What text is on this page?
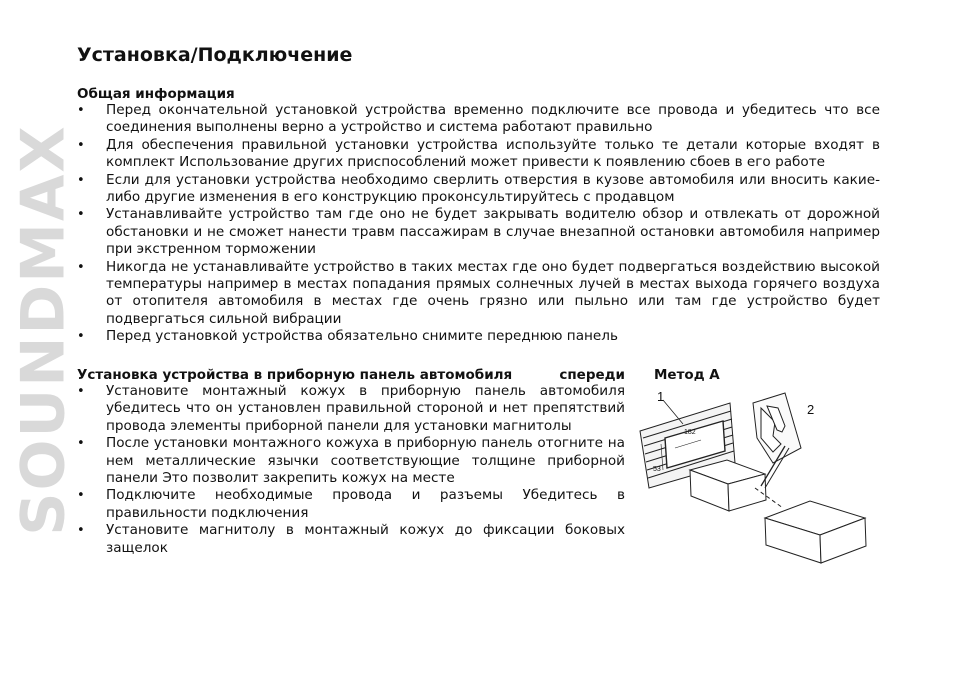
SOUNDMAX
Установка/Подключение

Общая информация

• Перед окончательной установкой устройства временно подключите все провода и убедитесь что все соединения выполнены верно а устройство и система работают правильно
• Для обеспечения правильной установки устройства используйте только те детали которые входят в комплект Использование других приспособлений может привести к появлению сбоев в его работе
• Если для установки устройства необходимо сверлить отверстия в кузове автомобиля или вносить какие-либо другие изменения в его конструкцию проконсультируйтесь с продавцом
• Устанавливайте устройство там где оно не будет закрывать водителю обзор и отвлекать от дорожной обстановки и не сможет нанести травм пассажирам в случае внезапной остановки автомобиля например при экстренном торможении
• Никогда не устанавливайте устройство в таких местах где оно будет подвергаться воздействию высокой температуры например в местах попадания прямых солнечных лучей в местах выхода горячего воздуха от отопителя автомобиля в местах где очень грязно или пыльно или там где устройство будет подвергаться сильной вибрации
• Перед установкой устройства обязательно снимите переднюю панель

Установка устройства в приборную панель автомобиля	спереди

• Установите монтажный кожух в приборную панель автомобиля убедитесь что он установлен правильной стороной и нет препятствий провода элементы приборной панели для установки магнитолы
• После установки монтажного кожуха в приборную панель отогните на нем металлические язычки соответствующие толщине приборной панели Это позволит закрепить кожух на месте
• Подключите необходимые провода и разъемы Убедитесь в правильности подключения
• Установите магнитолу в монтажный кожух до фиксации боковых защелок
Метод А
1
2
182
53
